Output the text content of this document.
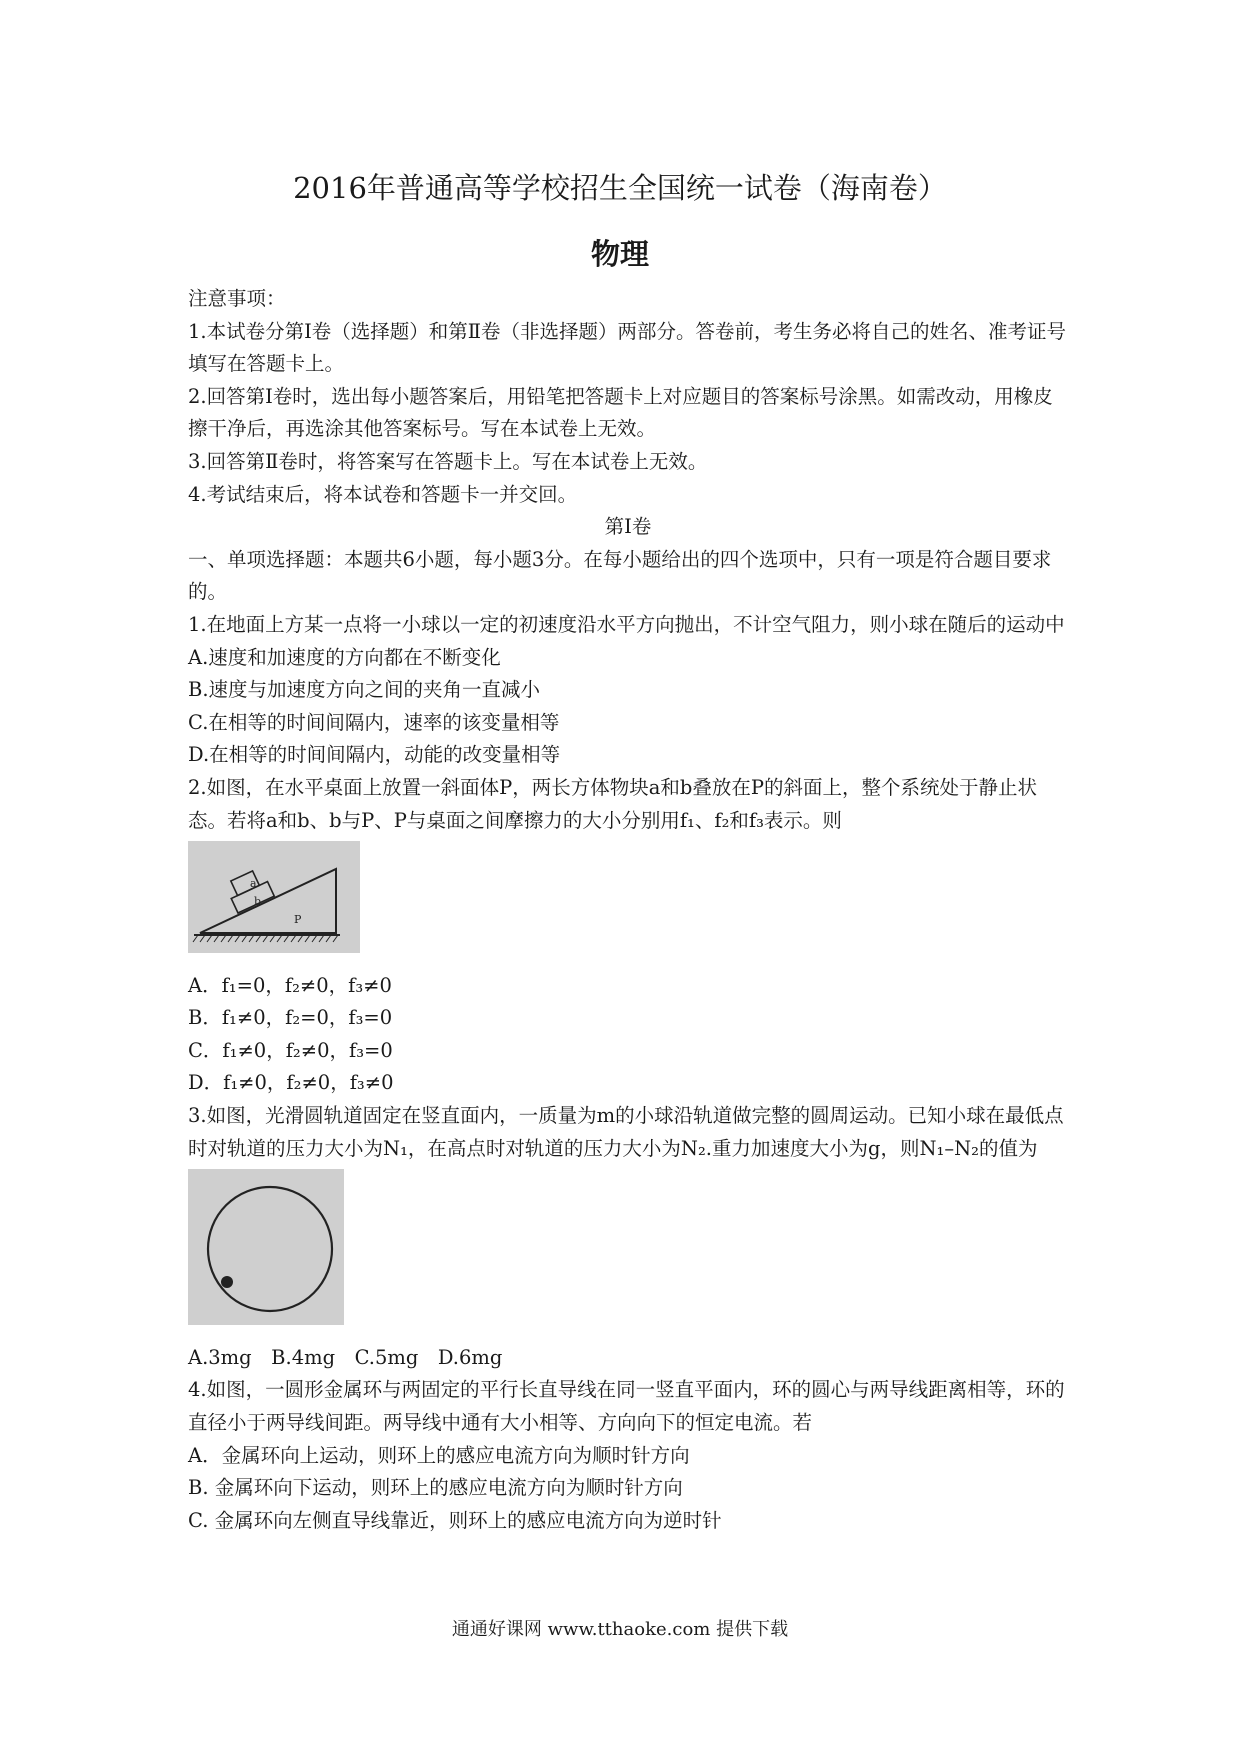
2016年普通高等学校招生全国统一试卷（海南卷）
物理
注意事项：
1.本试卷分第Ⅰ卷（选择题）和第Ⅱ卷（非选择题）两部分。答卷前，考生务必将自己的姓名、准考证号填写在答题卡上。
2.回答第Ⅰ卷时，选出每小题答案后，用铅笔把答题卡上对应题目的答案标号涂黑。如需改动，用橡皮擦干净后，再选涂其他答案标号。写在本试卷上无效。
3.回答第Ⅱ卷时，将答案写在答题卡上。写在本试卷上无效。
4.考试结束后，将本试卷和答题卡一并交回。
第Ⅰ卷
一、单项选择题：本题共6小题，每小题3分。在每小题给出的四个选项中，只有一项是符合题目要求的。
1.在地面上方某一点将一小球以一定的初速度沿水平方向抛出，不计空气阻力，则小球在随后的运动中
A.速度和加速度的方向都在不断变化
B.速度与加速度方向之间的夹角一直减小
C.在相等的时间间隔内，速率的该变量相等
D.在相等的时间间隔内，动能的改变量相等
2.如图，在水平桌面上放置一斜面体P，两长方体物块a和b叠放在P的斜面上，整个系统处于静止状态。若将a和b、b与P、P与桌面之间摩擦力的大小分别用f₁、f₂和f₃表示。则
a
b
P
A．f₁=0，f₂≠0，f₃≠0
B．f₁≠0，f₂=0，f₃=0
C．f₁≠0，f₂≠0，f₃=0
D．f₁≠0，f₂≠0，f₃≠0
3.如图，光滑圆轨道固定在竖直面内，一质量为m的小球沿轨道做完整的圆周运动。已知小球在最低点时对轨道的压力大小为N₁，在高点时对轨道的压力大小为N₂.重力加速度大小为g，则N₁–N₂的值为
A.3mg　B.4mg　C.5mg　D.6mg
4.如图，一圆形金属环与两固定的平行长直导线在同一竖直平面内，环的圆心与两导线距离相等，环的直径小于两导线间距。两导线中通有大小相等、方向向下的恒定电流。若
A．金属环向上运动，则环上的感应电流方向为顺时针方向
B. 金属环向下运动，则环上的感应电流方向为顺时针方向
C. 金属环向左侧直导线靠近，则环上的感应电流方向为逆时针
通通好课网 www.tthaoke.com 提供下载
